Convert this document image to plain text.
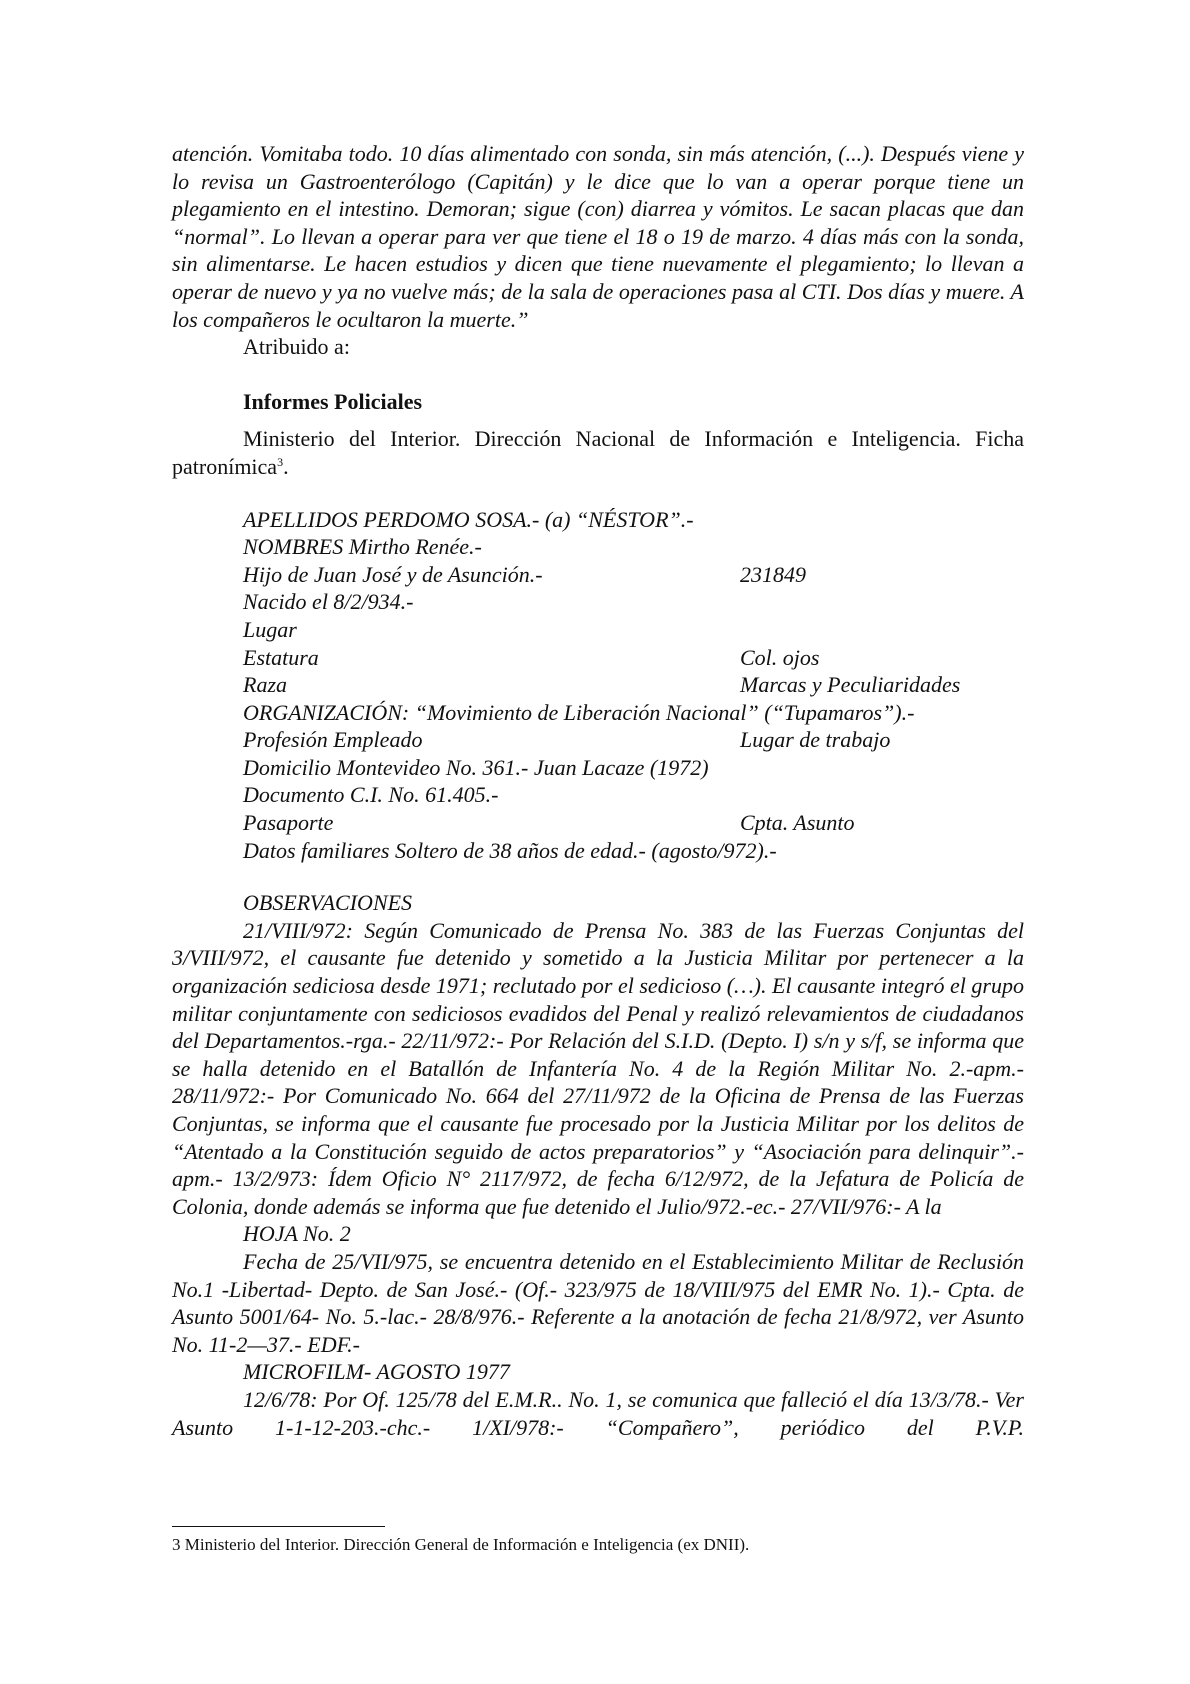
atención. Vomitaba todo. 10 días alimentado con sonda, sin más atención, (...). Después viene y lo revisa un Gastroenterólogo (Capitán) y le dice que lo van a operar porque tiene un plegamiento en el intestino. Demoran; sigue (con) diarrea y vómitos. Le sacan placas que dan “normal”. Lo llevan a operar para ver que tiene el 18 o 19 de marzo. 4 días más con la sonda, sin alimentarse. Le hacen estudios y dicen que tiene nuevamente el plegamiento; lo llevan a operar de nuevo y ya no vuelve más; de la sala de operaciones pasa al CTI. Dos días y muere. A los compañeros le ocultaron la muerte.”

Atribuido a:

Informes Policiales

Ministerio del Interior. Dirección Nacional de Información e Inteligencia. Ficha patronímica$^3$.

APELLIDOS PERDOMO SOSA.- (a) “NÉSTOR”.-
NOMBRES Mirtho Renée.-
Hijo de Juan José y de Asunción.-	231849
Nacido el 8/2/934.-
Lugar
Estatura	Col. ojos
Raza	Marcas y Peculiaridades
ORGANIZACIÓN: “Movimiento de Liberación Nacional” (“Tupamaros”).-
Profesión Empleado	Lugar de trabajo
Domicilio Montevideo No. 361.- Juan Lacaze (1972)
Documento C.I. No. 61.405.-
Pasaporte	Cpta. Asunto
Datos familiares Soltero de 38 años de edad.- (agosto/972).-

OBSERVACIONES

21/VIII/972: Según Comunicado de Prensa No. 383 de las Fuerzas Conjuntas del 3/VIII/972, el causante fue detenido y sometido a la Justicia Militar por pertenecer a la organización sediciosa desde 1971; reclutado por el sedicioso (…). El causante integró el grupo militar conjuntamente con sediciosos evadidos del Penal y realizó relevamientos de ciudadanos del Departamentos.-rga.- 22/11/972:- Por Relación del S.I.D. (Depto. I) s/n y s/f, se informa que se halla detenido en el Batallón de Infantería No. 4 de la Región Militar No. 2.-apm.- 28/11/972:- Por Comunicado No. 664 del 27/11/972 de la Oficina de Prensa de las Fuerzas Conjuntas, se informa que el causante fue procesado por la Justicia Militar por los delitos de “Atentado a la Constitución seguido de actos preparatorios” y “Asociación para delinquir”.- apm.- 13/2/973: Ídem Oficio N° 2117/972, de fecha 6/12/972, de la Jefatura de Policía de Colonia, donde además se informa que fue detenido el Julio/972.-ec.- 27/VII/976:- A la

HOJA No. 2

Fecha de 25/VII/975, se encuentra detenido en el Establecimiento Militar de Reclusión No.1 -Libertad- Depto. de San José.- (Of.- 323/975 de 18/VIII/975 del EMR No. 1).- Cpta. de Asunto 5001/64- No. 5.-lac.- 28/8/976.- Referente a la anotación de fecha 21/8/972, ver Asunto No. 11-2—37.- EDF.-

MICROFILM- AGOSTO 1977

12/6/78: Por Of. 125/78 del E.M.R.. No. 1, se comunica que falleció el día 13/3/78.- Ver Asunto 1-1-12-203.-chc.- 1/XI/978:- “Compañero”, periódico del P.V.P.

3 Ministerio del Interior. Dirección General de Información e Inteligencia (ex DNII).
